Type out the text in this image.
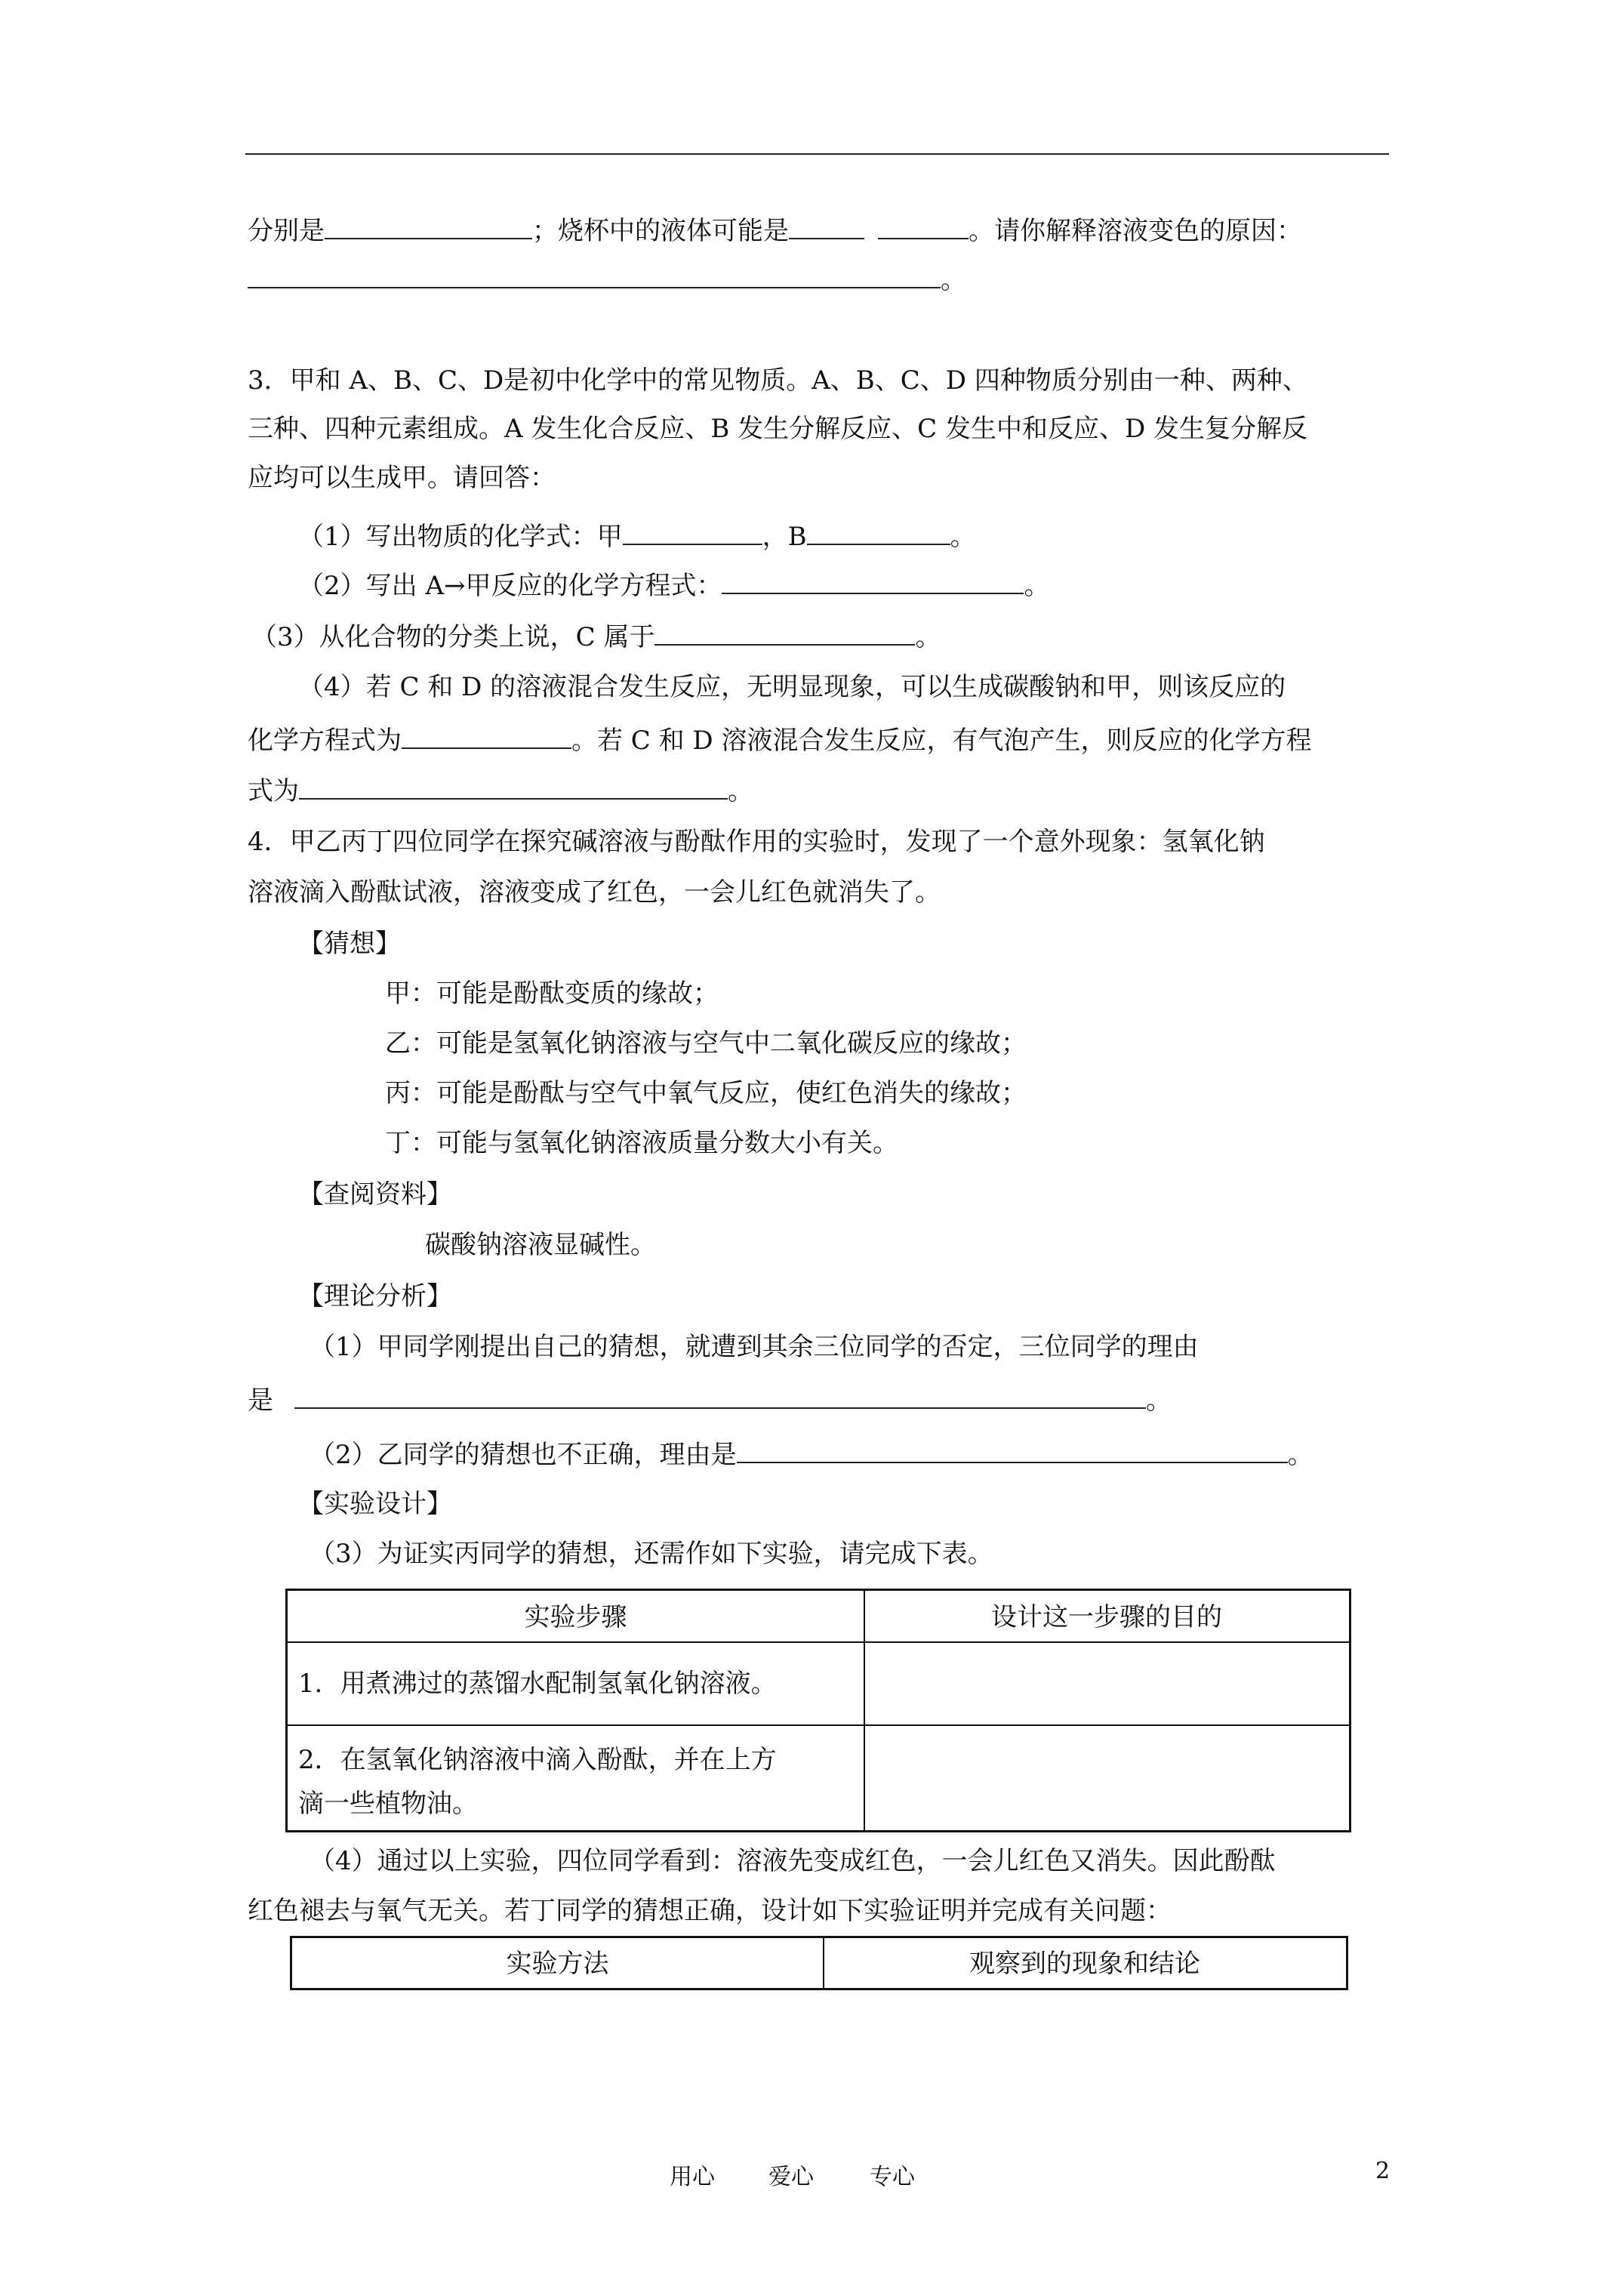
分别是	；烧杯中的液体可能是	。请你解释溶液变色的原因：
。
3．甲和 A、B、C、D是初中化学中的常见物质。A、B、C、D 四种物质分别由一种、两种、
三种、四种元素组成。A 发生化合反应、B 发生分解反应、C 发生中和反应、D 发生复分解反
应均可以生成甲。请回答：
（1）写出物质的化学式：甲	，B	。
（2）写出 A→甲反应的化学方程式：	。
（3）从化合物的分类上说，C 属于	。
（4）若 C 和 D 的溶液混合发生反应，无明显现象，可以生成碳酸钠和甲，则该反应的
化学方程式为	。若 C 和 D 溶液混合发生反应，有气泡产生，则反应的化学方程
式为	。
4．甲乙丙丁四位同学在探究碱溶液与酚酞作用的实验时，发现了一个意外现象：氢氧化钠
溶液滴入酚酞试液，溶液变成了红色，一会儿红色就消失了。
【猜想】
甲：可能是酚酞变质的缘故；
乙：可能是氢氧化钠溶液与空气中二氧化碳反应的缘故；
丙：可能是酚酞与空气中氧气反应，使红色消失的缘故；
丁：可能与氢氧化钠溶液质量分数大小有关。
【查阅资料】
碳酸钠溶液显碱性。
【理论分析】
（1）甲同学刚提出自己的猜想，就遭到其余三位同学的否定，三位同学的理由
是	。
（2）乙同学的猜想也不正确，理由是	。
【实验设计】
（3）为证实丙同学的猜想，还需作如下实验，请完成下表。
实验步骤	设计这一步骤的目的
1．用煮沸过的蒸馏水配制氢氧化钠溶液。
2．在氢氧化钠溶液中滴入酚酞，并在上方
滴一些植物油。
（4）通过以上实验，四位同学看到：溶液先变成红色，一会儿红色又消失。因此酚酞
红色褪去与氧气无关。若丁同学的猜想正确，设计如下实验证明并完成有关问题：
实验方法	观察到的现象和结论
用心 爱心 专心	2
